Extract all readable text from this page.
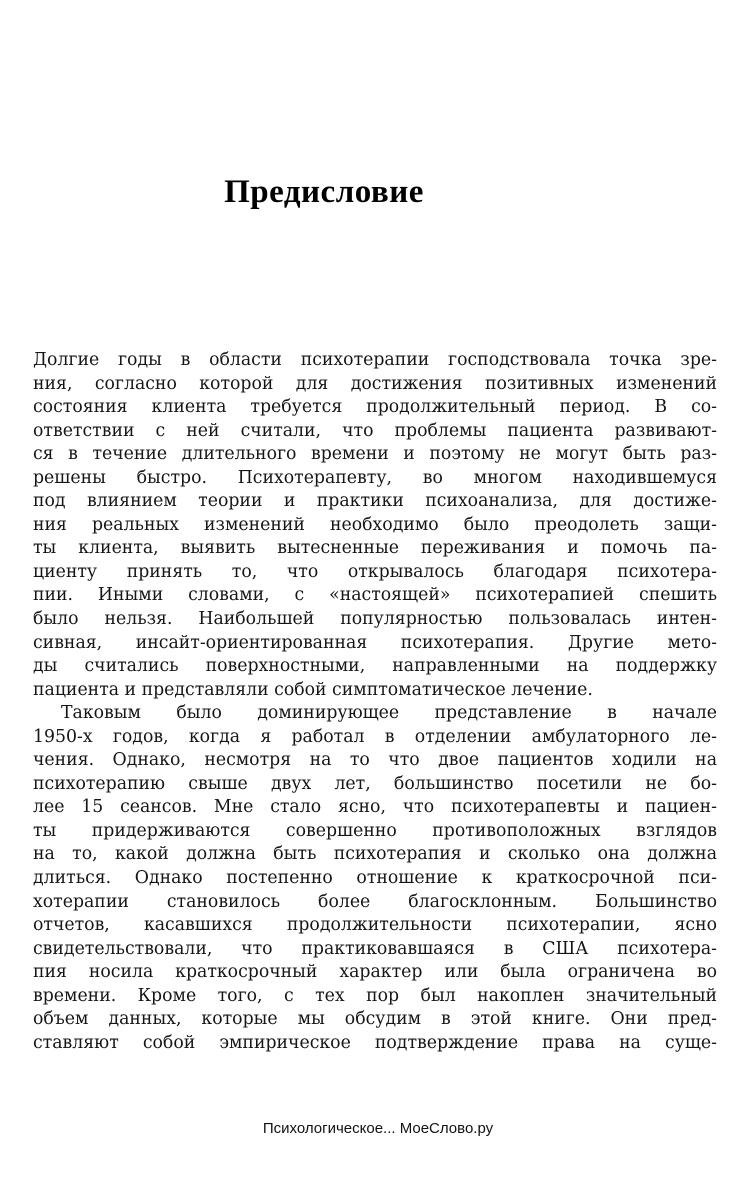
Предисловие
Долгие годы в области психотерапии господствовала точка зре-
ния, согласно которой для достижения позитивных изменений
состояния клиента требуется продолжительный период. В со-
ответствии с ней считали, что проблемы пациента развивают-
ся в течение длительного времени и поэтому не могут быть раз-
решены быстро. Психотерапевту, во многом находившемуся
под влиянием теории и практики психоанализа, для достиже-
ния реальных изменений необходимо было преодолеть защи-
ты клиента, выявить вытесненные переживания и помочь па-
циенту принять то, что открывалось благодаря психотера-
пии. Иными словами, с «настоящей» психотерапией спешить
было нельзя. Наибольшей популярностью пользовалась интен-
сивная, инсайт-ориентированная психотерапия. Другие мето-
ды считались поверхностными, направленными на поддержку
пациента и представляли собой симптоматическое лечение.
Таковым было доминирующее представление в начале
1950-х годов, когда я работал в отделении амбулаторного ле-
чения. Однако, несмотря на то что двое пациентов ходили на
психотерапию свыше двух лет, большинство посетили не бо-
лее 15 сеансов. Мне стало ясно, что психотерапевты и пациен-
ты придерживаются совершенно противоположных взглядов
на то, какой должна быть психотерапия и сколько она должна
длиться. Однако постепенно отношение к краткосрочной пси-
хотерапии становилось более благосклонным. Большинство
отчетов, касавшихся продолжительности психотерапии, ясно
свидетельствовали, что практиковавшаяся в США психотера-
пия носила краткосрочный характер или была ограничена во
времени. Кроме того, с тех пор был накоплен значительный
объем данных, которые мы обсудим в этой книге. Они пред-
ставляют собой эмпирическое подтверждение права на суще-
Психологическое... МоеСлово.ру
